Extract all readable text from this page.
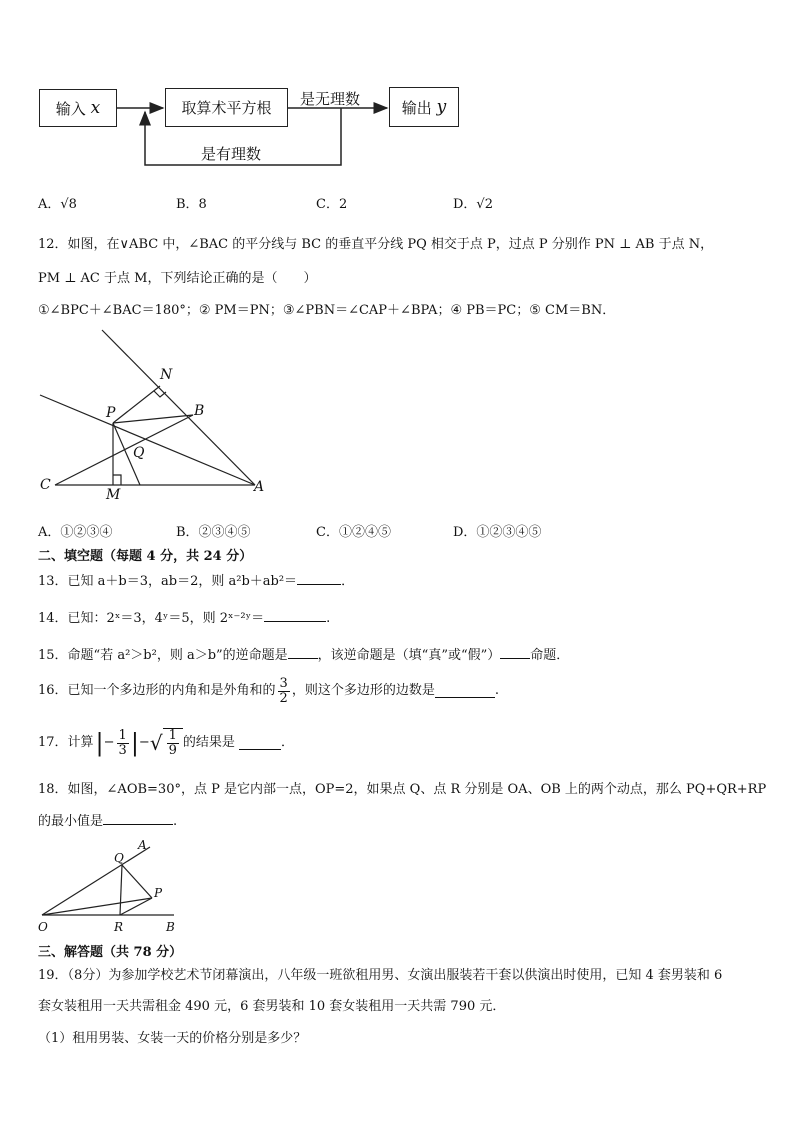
输入
x	取算术平方根	输出
y
是无理数
是有理数
A．√8	B．8	C．2	D．√2
12．如图，在∨ABC 中，∠BAC 的平分线与 BC 的垂直平分线 PQ 相交于点 P，过点 P 分别作 PN ⊥ AB 于点 N，
PM ⊥ AC 于点 M，下列结论正确的是（　　）
①∠BPC＋∠BAC＝180°；② PM＝PN；③∠PBN＝∠CAP＋∠BPA；④ PB＝PC；⑤ CM＝BN．
N
P	B
Q
C
M	A
A．①②③④	B．②③④⑤	C．①②④⑤	D．①②③④⑤
二、填空题（每题 4 分，共 24 分）
13．已知 a＋b＝3，ab＝2，则 a²b＋ab²＝	．
14．已知：2ˣ＝3，4ʸ＝5，则 2ˣ⁻²ʸ＝	.
15．命题“若 a²＞b²，则 a＞b”的逆命题是 ，该逆命题是（填“真”或“假”） 命题．
16．已知一个多边形的内角和是外角和的 $\frac{3}{2}$ ，则这个多边形的边数是	.
17．计算 | − $\frac{1}{3}$ | − √ $\frac{1}{9}$ 的结果是
	．
18．如图，∠AOB=30°，点 P 是它内部一点，OP=2，如果点 Q、点 R 分别是 OA、OB 上的两个动点，那么 PQ+QR+RP
的最小值是	.
A
Q
P
O	R	B
三、解答题（共 78 分）
19．（8分）为参加学校艺术节闭幕演出，八年级一班欲租用男、女演出服装若干套以供演出时使用，已知 4 套男装和 6
套女装租用一天共需租金 490 元，6 套男装和 10 套女装租用一天共需 790 元．
（1）租用男装、女装一天的价格分别是多少？
